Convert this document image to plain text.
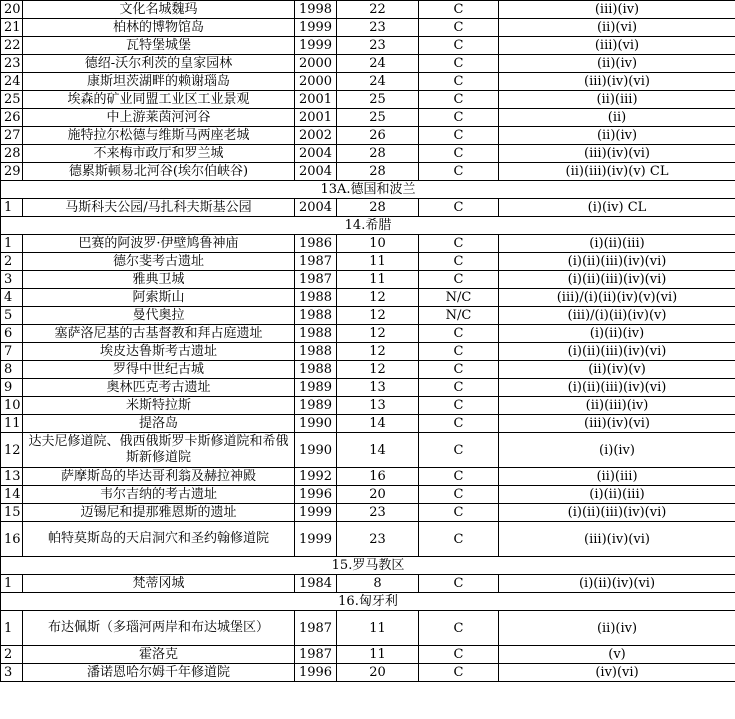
20	文化名城魏玛	1998	22	C	(iii)(iv)
21	柏林的博物馆岛	1999	23	C	(ii)(vi)
22	瓦特堡城堡	1999	23	C	(iii)(vi)
23	德绍-沃尔利茨的皇家园林	2000	24	C	(ii)(iv)
24	康斯坦茨湖畔的赖谢瑙岛	2000	24	C	(iii)(iv)(vi)
25	埃森的矿业同盟工业区工业景观	2001	25	C	(ii)(iii)
26	中上游莱茵河河谷	2001	25	C	(ii)
27	施特拉尔松德与维斯马两座老城	2002	26	C	(ii)(iv)
28	不来梅市政厅和罗兰城	2004	28	C	(iii)(iv)(vi)
29	德累斯顿易北河谷(埃尔伯峡谷)	2004	28	C	(ii)(iii)(iv)(v) CL
13A.德国和波兰					
1	马斯科夫公园/马扎科夫斯基公园	2004	28	C	(i)(iv) CL
14.希腊					
1	巴赛的阿波罗·伊壁鸠鲁神庙	1986	10	C	(i)(ii)(iii)
2	德尔斐考古遗址	1987	11	C	(i)(ii)(iii)(iv)(vi)
3	雅典卫城	1987	11	C	(i)(ii)(iii)(iv)(vi)
4	阿索斯山	1988	12	N/C	(iii)/(i)(ii)(iv)(v)(vi)
5	曼代奥拉	1988	12	N/C	(iii)/(i)(ii)(iv)(v)
6	塞萨洛尼基的古基督教和拜占庭遗址	1988	12	C	(i)(ii)(iv)
7	埃皮达鲁斯考古遗址	1988	12	C	(i)(ii)(iii)(iv)(vi)
8	罗得中世纪古城	1988	12	C	(ii)(iv)(v)
9	奥林匹克考古遗址	1989	13	C	(i)(ii)(iii)(iv)(vi)
10	米斯特拉斯	1989	13	C	(ii)(iii)(iv)
11	提洛岛	1990	14	C	(iii)(iv)(vi)
12	达夫尼修道院、俄西俄斯罗卡斯修道院和希俄斯新修道院	1990	14	C	(i)(iv)
13	萨摩斯岛的毕达哥利翁及赫拉神殿	1992	16	C	(ii)(iii)
14	韦尔吉纳的考古遗址	1996	20	C	(i)(ii)(iii)
15	迈锡尼和提那雅恩斯的遗址	1999	23	C	(i)(ii)(iii)(iv)(vi)
16	帕特莫斯岛的天启洞穴和圣约翰修道院	1999	23	C	(iii)(iv)(vi)
15.罗马教区					
1	梵蒂冈城	1984	8	C	(i)(ii)(iv)(vi)
16.匈牙利					
1	布达佩斯（多瑙河两岸和布达城堡区）	1987	11	C	(ii)(iv)
2	霍洛克	1987	11	C	(v)
3	潘诺恩哈尔姆千年修道院	1996	20	C	(iv)(vi)
